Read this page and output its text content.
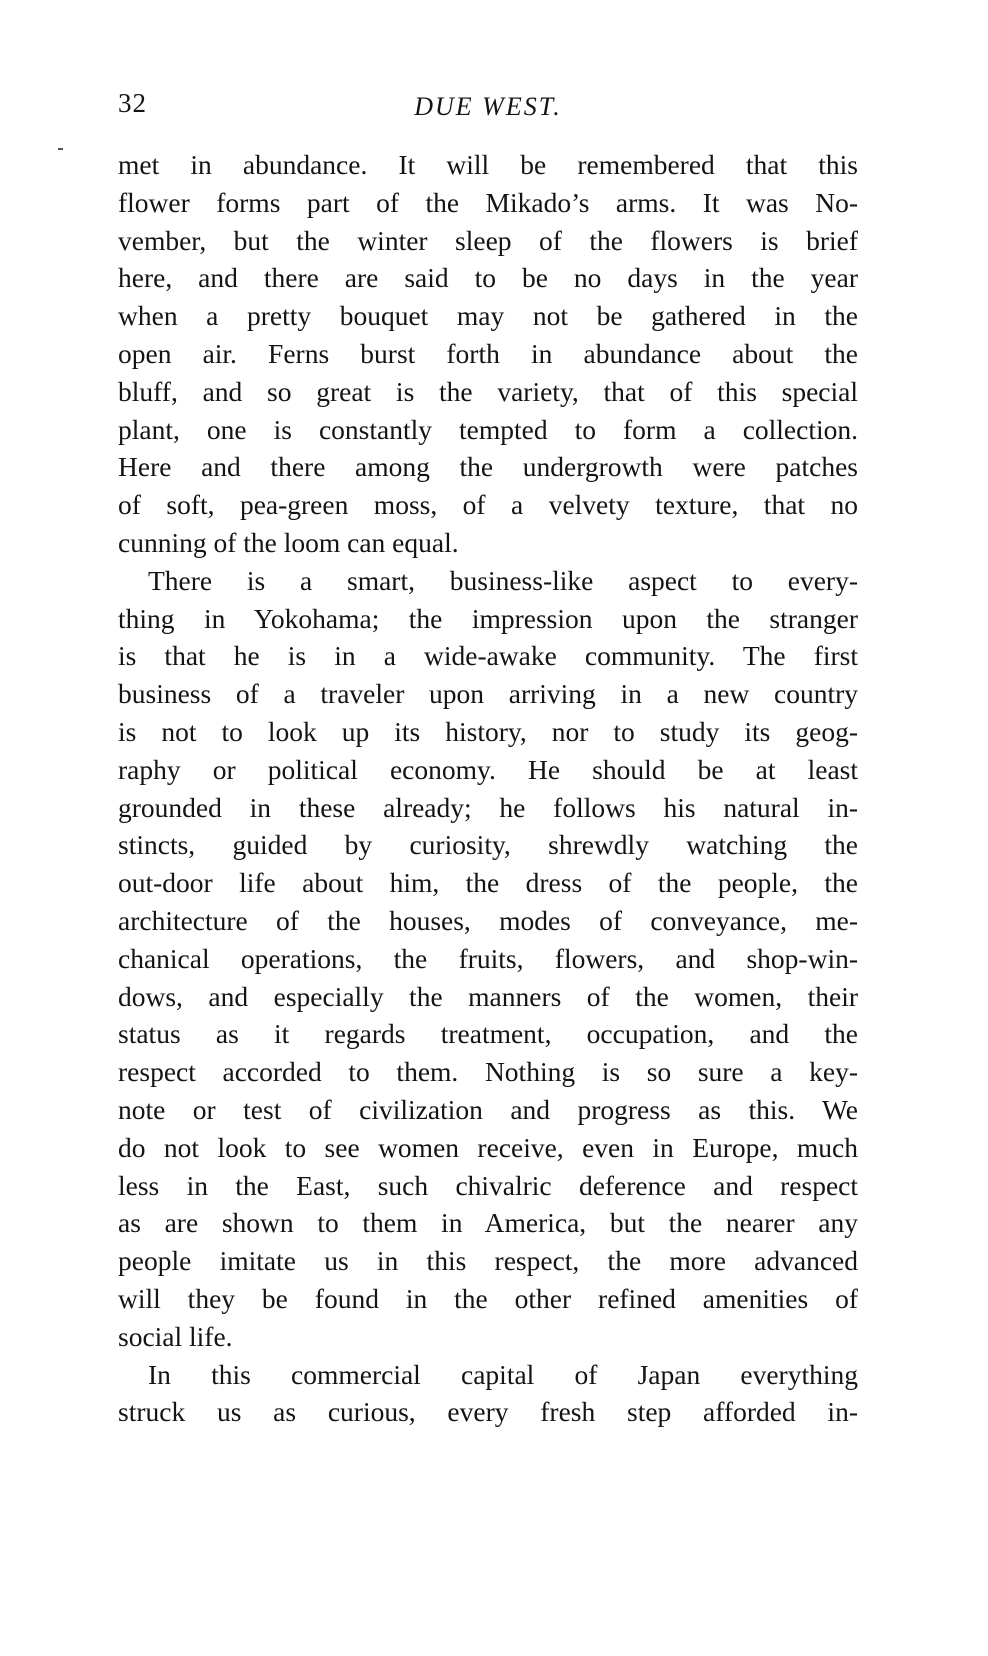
32	DUE WEST.
met in abundance. It will be remembered that this
flower forms part of the Mikado’s arms. It was No-
vember, but the winter sleep of the flowers is brief
here, and there are said to be no days in the year
when a pretty bouquet may not be gathered in the
open air. Ferns burst forth in abundance about the
bluff, and so great is the variety, that of this special
plant, one is constantly tempted to form a collection.
Here and there among the undergrowth were patches
of soft, pea-green moss, of a velvety texture, that no
cunning of the loom can equal.
There is a smart, business-like aspect to every-
thing in Yokohama; the impression upon the stranger
is that he is in a wide-awake community. The first
business of a traveler upon arriving in a new country
is not to look up its history, nor to study its geog-
raphy or political economy. He should be at least
grounded in these already; he follows his natural in-
stincts, guided by curiosity, shrewdly watching the
out-door life about him, the dress of the people, the
architecture of the houses, modes of conveyance, me-
chanical operations, the fruits, flowers, and shop-win-
dows, and especially the manners of the women, their
status as it regards treatment, occupation, and the
respect accorded to them. Nothing is so sure a key-
note or test of civilization and progress as this. We
do not look to see women receive, even in Europe, much
less in the East, such chivalric deference and respect
as are shown to them in America, but the nearer any
people imitate us in this respect, the more advanced
will they be found in the other refined amenities of
social life.
In this commercial capital of Japan everything
struck us as curious, every fresh step afforded in-
